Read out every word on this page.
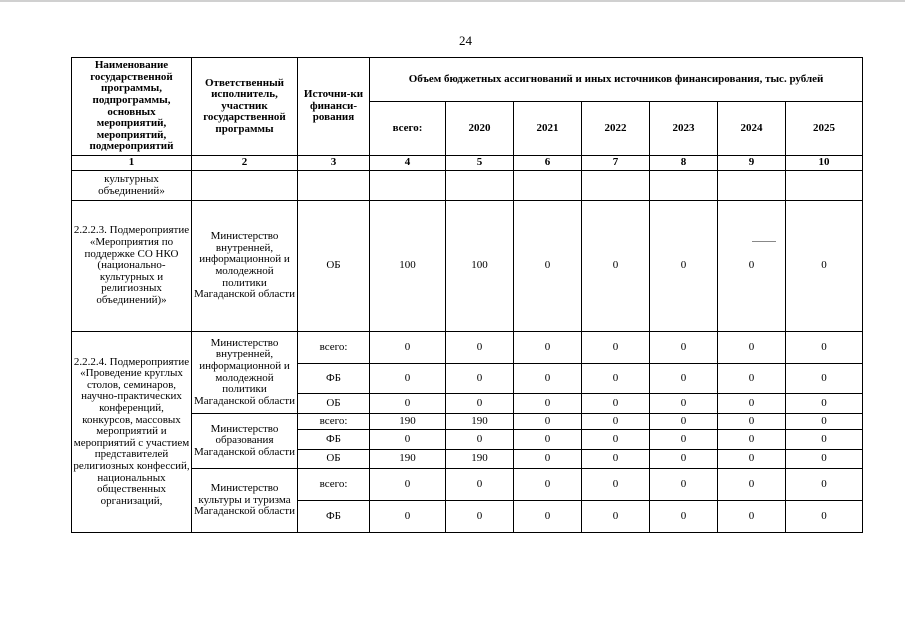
24
Наименование государственной программы, подпрограммы, основных мероприятий, мероприятий, подмероприятий	Ответственный исполнитель, участник государственной программы	Источни-ки финанси-рования	Объем бюджетных ассигнований и иных источников финансирования, тыс. рублей						
			всего:	2020	2021	2022	2023	2024	2025
1	2	3	4	5	6	7	8	9	10
культурных объединений»									
2.2.2.3. Подмероприятие «Мероприятия по поддержке СО НКО (национально-культурных и религиозных объединений)»	Министерство внутренней, информационной и молодежной политики Магаданской области	ОБ	100	100	0	0	0	0	0
2.2.2.4. Подмероприятие «Проведение круглых столов, семинаров, научно-практических конференций, конкурсов, массовых мероприятий и мероприятий с участием представителей религиозных конфессий, национальных общественных организаций,	Министерство внутренней, информационной и молодежной политики Магаданской области	всего:	0	0	0	0	0	0	0
		ФБ	0	0	0	0	0	0	0
		ОБ	0	0	0	0	0	0	0
	Министерство образования Магаданской области	всего:	190	190	0	0	0	0	0
		ФБ	0	0	0	0	0	0	0
		ОБ	190	190	0	0	0	0	0
	Министерство культуры и туризма Магаданской области	всего:	0	0	0	0	0	0	0
		ФБ	0	0	0	0	0	0	0
